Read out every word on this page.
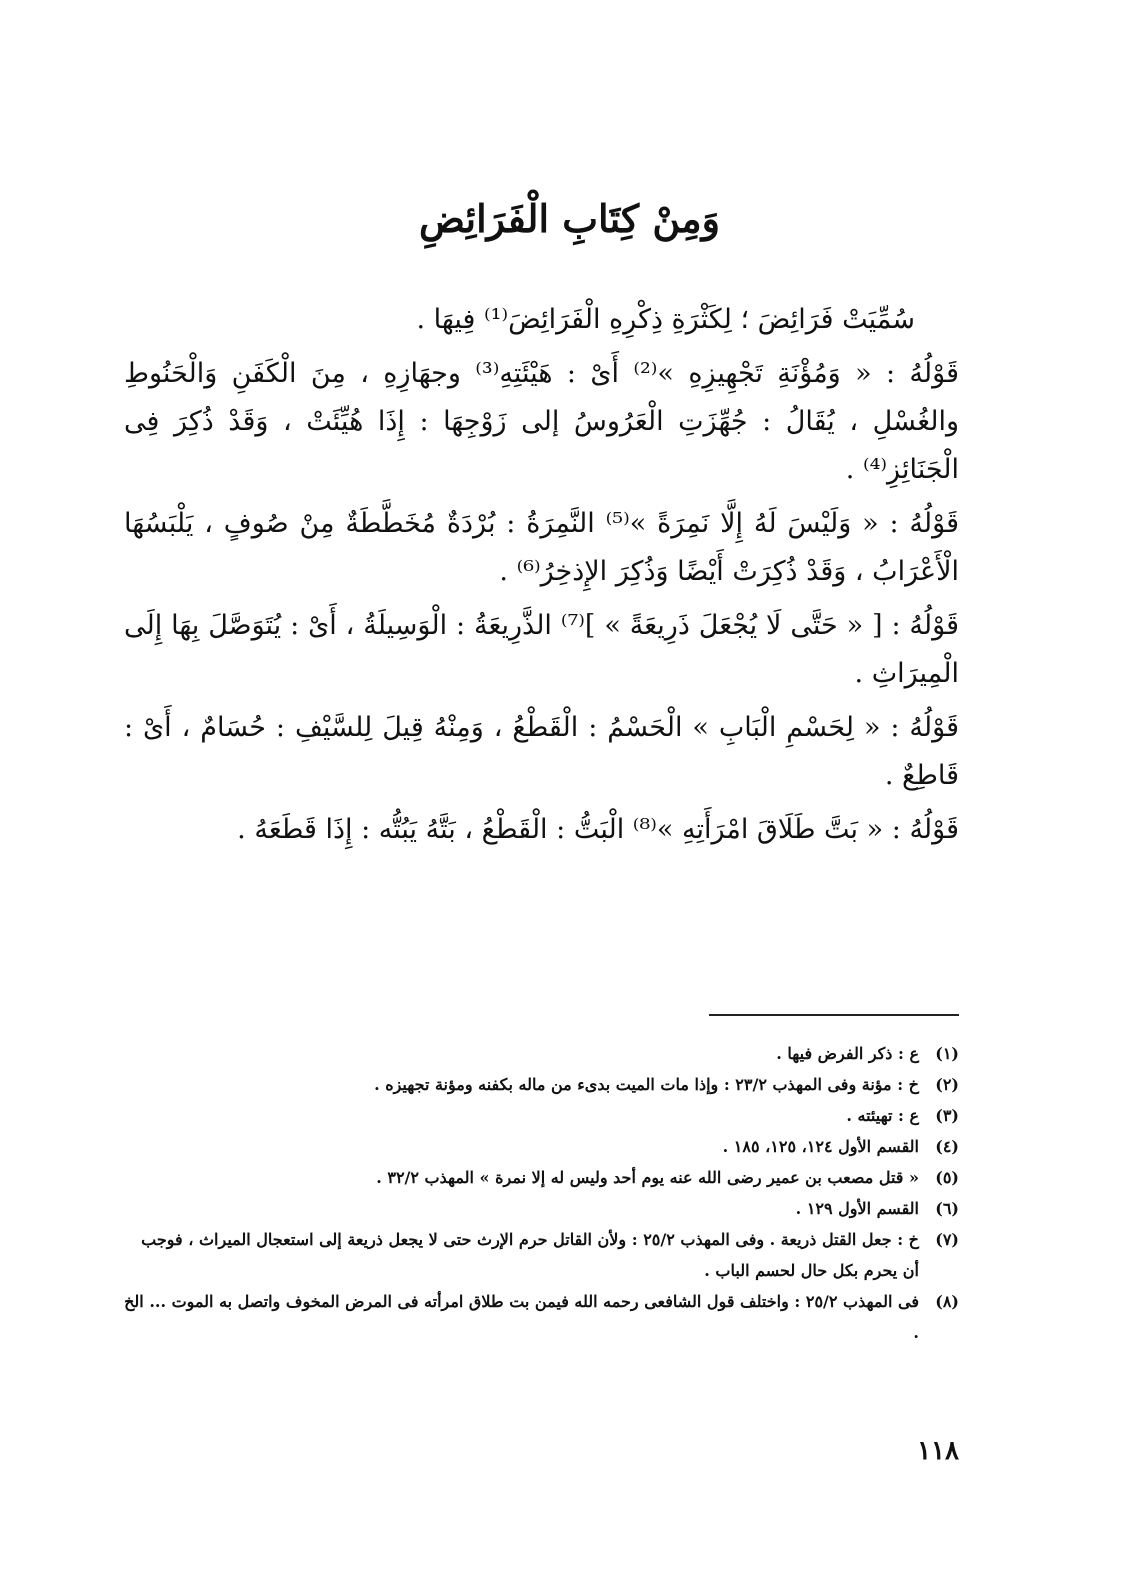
وَمِنْ كِتَابِ الْفَرَائِضِ

سُمِّيَتْ فَرَائِضَ ؛ لِكَثْرَةِ ذِكْرِهِ الْفَرَائِضَ⁽¹⁾ فِيهَا .

قَوْلُهُ : « وَمُؤْنَةِ تَجْهِيزِهِ »⁽²⁾ أَىْ : هَيْئَتِهِ⁽³⁾ وجهَازِهِ ، مِنَ الْكَفَنِ وَالْحَنُوطِ والغُسْلِ ، يُقَالُ : جُهِّزَتِ الْعَرُوسُ إلى زَوْجِهَا : إِذَا هُيِّئَتْ ، وَقَدْ ذُكِرَ فِى الْجَنَائِزِ⁽⁴⁾ .

قَوْلُهُ : « وَلَيْسَ لَهُ إِلَّا نَمِرَةً »⁽⁵⁾ النَّمِرَةُ : بُرْدَةٌ مُخَطَّطَةٌ مِنْ صُوفٍ ، يَلْبَسُهَا الْأَعْرَابُ ، وَقَدْ ذُكِرَتْ أَيْضًا وَذُكِرَ الإِذخِرُ⁽⁶⁾ .

قَوْلُهُ : [ « حَتَّى لَا يُجْعَلَ ذَرِيعَةً » ]⁽⁷⁾ الذَّرِيعَةُ : الْوَسِيلَةُ ، أَىْ : يُتَوَصَّلَ بِهَا إِلَى الْمِيرَاثِ .

قَوْلُهُ : « لِحَسْمِ الْبَابِ » الْحَسْمُ : الْقَطْعُ ، وَمِنْهُ قِيلَ لِلسَّيْفِ : حُسَامٌ ، أَىْ : قَاطِعٌ .

قَوْلُهُ : « بَتَّ طَلَاقَ امْرَأَتِهِ »⁽⁸⁾ الْبَتُّ : الْقَطْعُ ، بَتَّهُ يَبُتُّه : إِذَا قَطَعَهُ .

(١)
ع : ذكر الفرض فيها .
(٢)
خ : مؤنة وفى المهذب ٢٣/٢ : وإذا مات الميت بدىء من ماله بكفنه ومؤنة تجهيزه .
(٣)
ع : تهيئته .
(٤)
القسم الأول ١٢٤، ١٢٥، ١٨٥ .
(٥)
« قتل مصعب بن عمير رضى الله عنه يوم أحد وليس له إلا نمرة » المهذب ٣٢/٢ .
(٦)
القسم الأول ١٢٩ .
(٧)
خ : جعل القتل ذريعة . وفى المهذب ٢٥/٢ : ولأن القاتل حرم الإرث حتى لا يجعل ذريعة إلى استعجال الميراث ، فوجب أن يحرم بكل حال لحسم الباب .
(٨)
فى المهذب ٢٥/٢ : واختلف قول الشافعى رحمه الله فيمن بت طلاق امرأته فى المرض المخوف واتصل به الموت ... الخ .
١١٨
